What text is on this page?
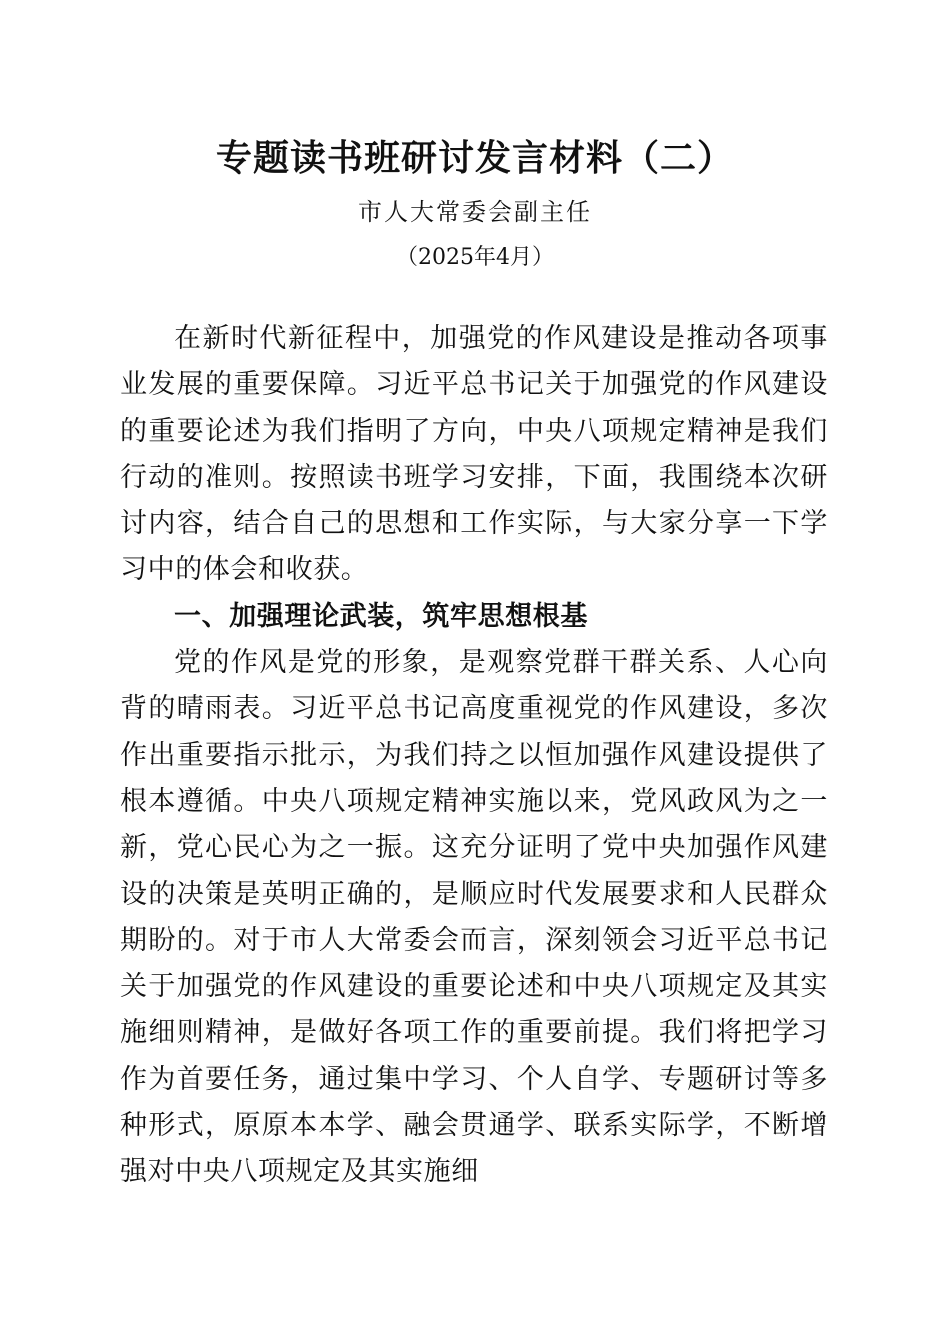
专题读书班研讨发言材料（二）
市人大常委会副主任
（2025年4月）

在新时代新征程中，加强党的作风建设是推动各项事业发展的重要保障。习近平总书记关于加强党的作风建设的重要论述为我们指明了方向，中央八项规定精神是我们行动的准则。按照读书班学习安排，下面，我围绕本次研讨内容，结合自己的思想和工作实际，与大家分享一下学习中的体会和收获。

一、加强理论武装，筑牢思想根基

党的作风是党的形象，是观察党群干群关系、人心向背的晴雨表。习近平总书记高度重视党的作风建设，多次作出重要指示批示，为我们持之以恒加强作风建设提供了根本遵循。中央八项规定精神实施以来，党风政风为之一新，党心民心为之一振。这充分证明了党中央加强作风建设的决策是英明正确的，是顺应时代发展要求和人民群众期盼的。对于市人大常委会而言，深刻领会习近平总书记关于加强党的作风建设的重要论述和中央八项规定及其实施细则精神，是做好各项工作的重要前提。我们将把学习作为首要任务，通过集中学习、个人自学、专题研讨等多种形式，原原本本学、融会贯通学、联系实际学，不断增强对中央八项规定及其实施细
